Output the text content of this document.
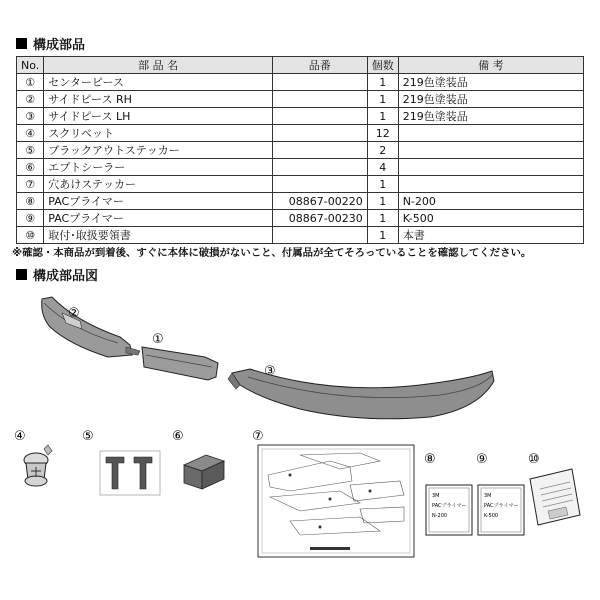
構成部品
No.	部 品 名	品番	個数	備 考
①	センターピース		1	219色塗装品
②	サイドピース RH		1	219色塗装品
③	サイドピース LH		1	219色塗装品
④	スクリベット		12	
⑤	ブラックアウトステッカー		2	
⑥	エプトシーラー		4	
⑦	穴あけステッカー		1	
⑧	PACプライマー	08867-00220	1	N-200
⑨	PACプライマー	08867-00230	1	K-500
⑩	取付･取扱要領書		1	本書
※確認・本商品が到着後、すぐに本体に破損がないこと、付属品が全てそろっていることを確認してください。
構成部品図
②
①
③
④	⑤	⑥	⑦
⑧
3M
PACプライマー
N-200
⑨
3M
PACプライマー
K-500
⑩
